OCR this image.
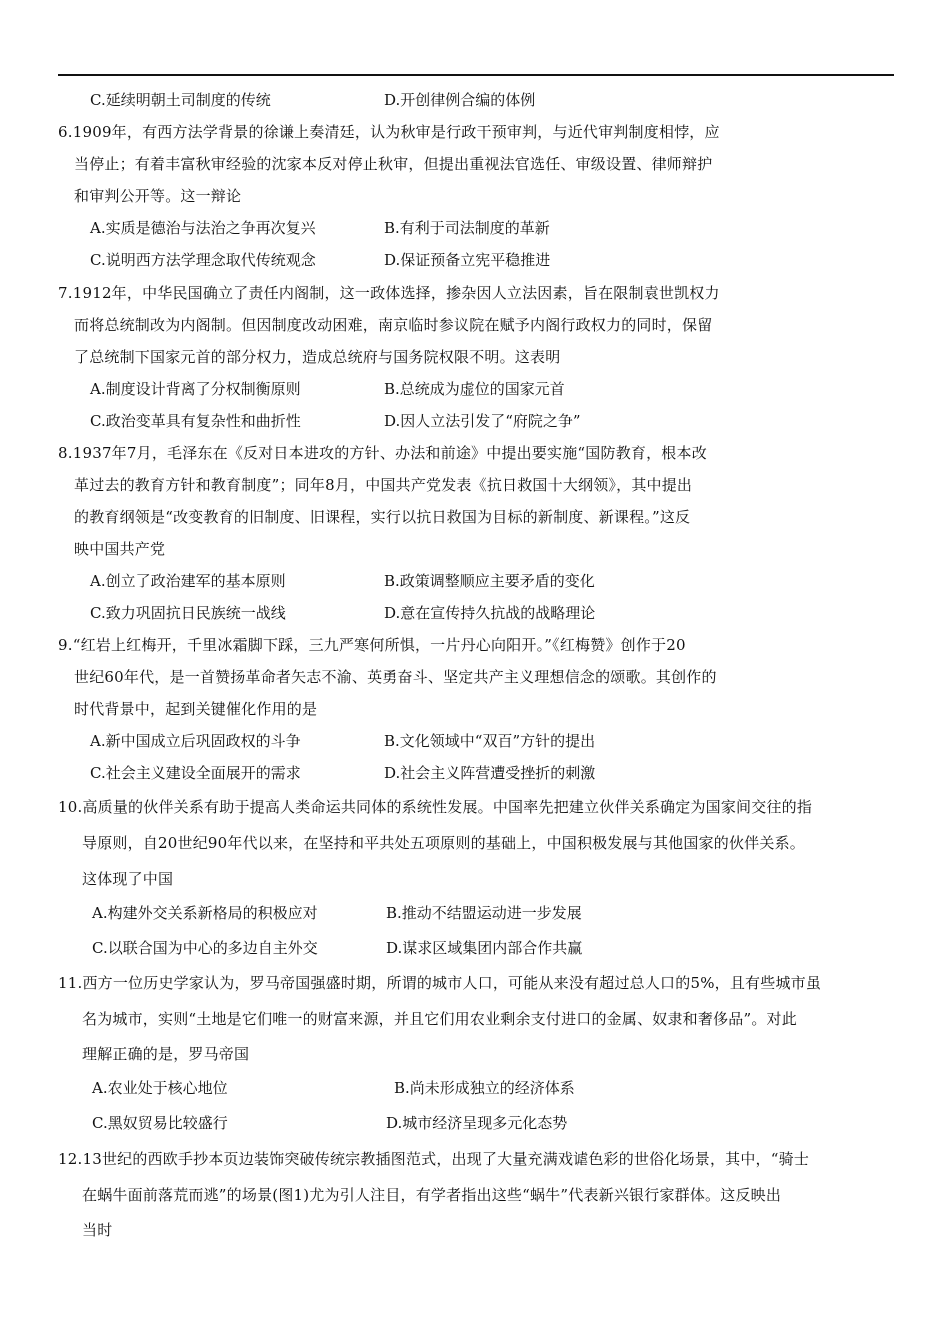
C.延续明朝土司制度的传统	D.开创律例合编的体例
6.1909年，有西方法学背景的徐谦上奏清廷，认为秋审是行政干预审判，与近代审判制度相悖，应
当停止；有着丰富秋审经验的沈家本反对停止秋审，但提出重视法官选任、审级设置、律师辩护
和审判公开等。这一辩论
A.实质是德治与法治之争再次复兴	B.有利于司法制度的革新
C.说明西方法学理念取代传统观念	D.保证预备立宪平稳推进
7.1912年，中华民国确立了责任内阁制，这一政体选择，掺杂因人立法因素，旨在限制袁世凯权力
而将总统制改为内阁制。但因制度改动困难，南京临时参议院在赋予内阁行政权力的同时，保留
了总统制下国家元首的部分权力，造成总统府与国务院权限不明。这表明
A.制度设计背离了分权制衡原则	B.总统成为虚位的国家元首
C.政治变革具有复杂性和曲折性	D.因人立法引发了“府院之争”
8.1937年7月，毛泽东在《反对日本进攻的方针、办法和前途》中提出要实施“国防教育，根本改
革过去的教育方针和教育制度”；同年8月，中国共产党发表《抗日救国十大纲领》，其中提出
的教育纲领是“改变教育的旧制度、旧课程，实行以抗日救国为目标的新制度、新课程。”这反
映中国共产党
A.创立了政治建军的基本原则	B.政策调整顺应主要矛盾的变化
C.致力巩固抗日民族统一战线	D.意在宣传持久抗战的战略理论
9.“红岩上红梅开，千里冰霜脚下踩，三九严寒何所惧，一片丹心向阳开。”《红梅赞》创作于20
世纪60年代，是一首赞扬革命者矢志不渝、英勇奋斗、坚定共产主义理想信念的颂歌。其创作的
时代背景中，起到关键催化作用的是
A.新中国成立后巩固政权的斗争	B.文化领域中“双百”方针的提出
C.社会主义建设全面展开的需求	D.社会主义阵营遭受挫折的刺激
10.高质量的伙伴关系有助于提高人类命运共同体的系统性发展。中国率先把建立伙伴关系确定为国家间交往的指
导原则，自20世纪90年代以来，在坚持和平共处五项原则的基础上，中国积极发展与其他国家的伙伴关系。
这体现了中国
A.构建外交关系新格局的积极应对	B.推动不结盟运动进一步发展
C.以联合国为中心的多边自主外交	D.谋求区域集团内部合作共赢
11.西方一位历史学家认为，罗马帝国强盛时期，所谓的城市人口，可能从来没有超过总人口的5%，且有些城市虽
名为城市，实则“土地是它们唯一的财富来源，并且它们用农业剩余支付进口的金属、奴隶和奢侈品”。对此
理解正确的是，罗马帝国
A.农业处于核心地位	B.尚未形成独立的经济体系
C.黑奴贸易比较盛行	D.城市经济呈现多元化态势
12.13世纪的西欧手抄本页边装饰突破传统宗教插图范式，出现了大量充满戏谑色彩的世俗化场景，其中，“骑士
在蜗牛面前落荒而逃”的场景(图1)尤为引人注目，有学者指出这些“蜗牛”代表新兴银行家群体。这反映出
当时
